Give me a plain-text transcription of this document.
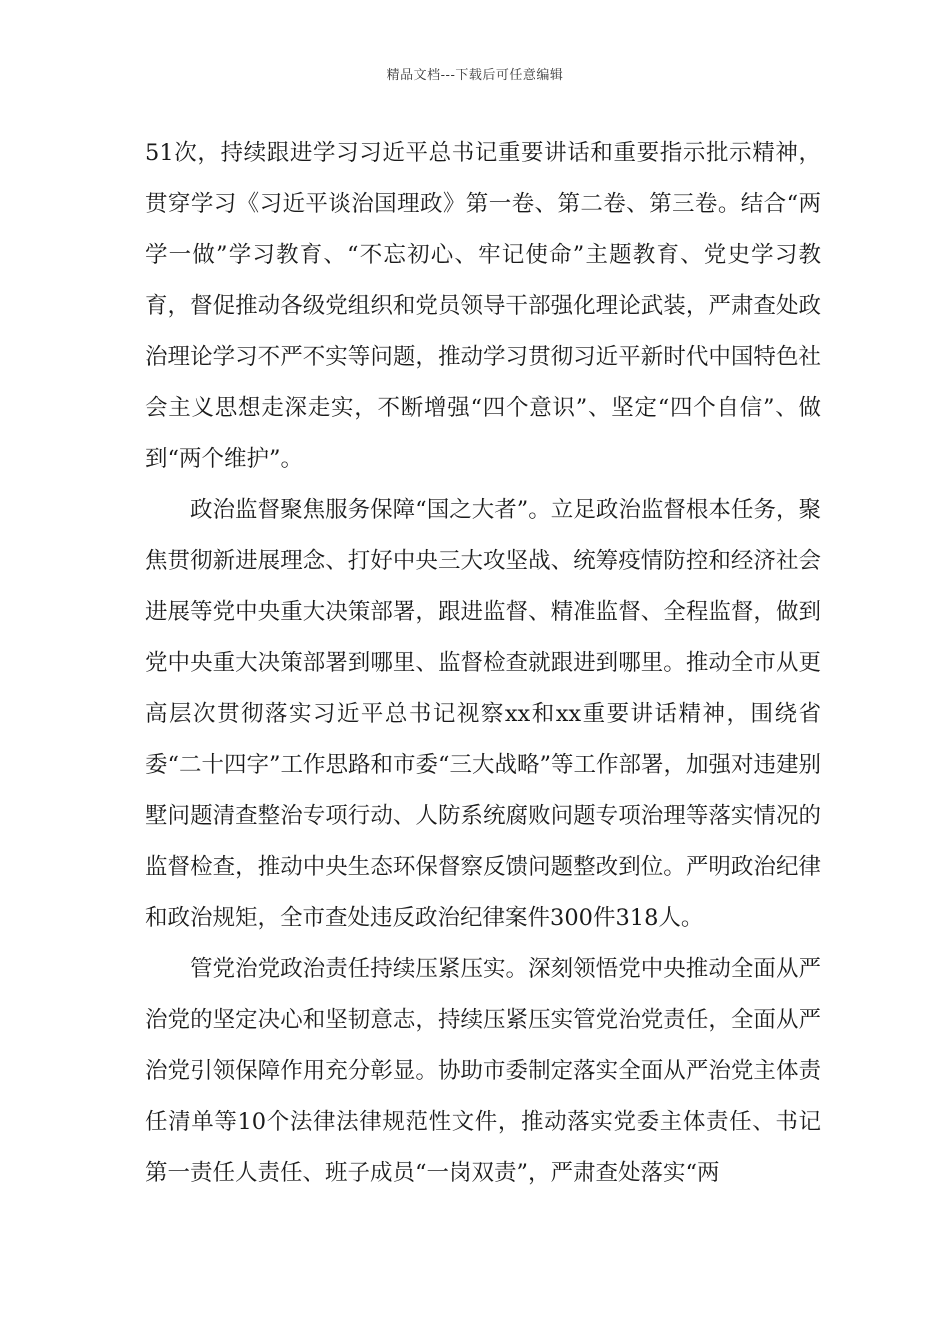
精品文档---下载后可任意编辑

51次，持续跟进学习习近平总书记重要讲话和重要指示批示精神，贯穿学习《习近平谈治国理政》第一卷、第二卷、第三卷。结合“两学一做”学习教育、“不忘初心、牢记使命”主题教育、党史学习教育，督促推动各级党组织和党员领导干部强化理论武装，严肃查处政治理论学习不严不实等问题，推动学习贯彻习近平新时代中国特色社会主义思想走深走实，不断增强“四个意识”、坚定“四个自信”、做到“两个维护”。

政治监督聚焦服务保障“国之大者”。立足政治监督根本任务，聚焦贯彻新进展理念、打好中央三大攻坚战、统筹疫情防控和经济社会进展等党中央重大决策部署，跟进监督、精准监督、全程监督，做到党中央重大决策部署到哪里、监督检查就跟进到哪里。推动全市从更高层次贯彻落实习近平总书记视察xx和xx重要讲话精神，围绕省委“二十四字”工作思路和市委“三大战略”等工作部署，加强对违建别墅问题清查整治专项行动、人防系统腐败问题专项治理等落实情况的监督检查，推动中央生态环保督察反馈问题整改到位。严明政治纪律和政治规矩，全市查处违反政治纪律案件300件318人。

管党治党政治责任持续压紧压实。深刻领悟党中央推动全面从严治党的坚定决心和坚韧意志，持续压紧压实管党治党责任，全面从严治党引领保障作用充分彰显。协助市委制定落实全面从严治党主体责任清单等10个法律法律规范性文件，推动落实党委主体责任、书记第一责任人责任、班子成员“一岗双责”，严肃查处落实“两
